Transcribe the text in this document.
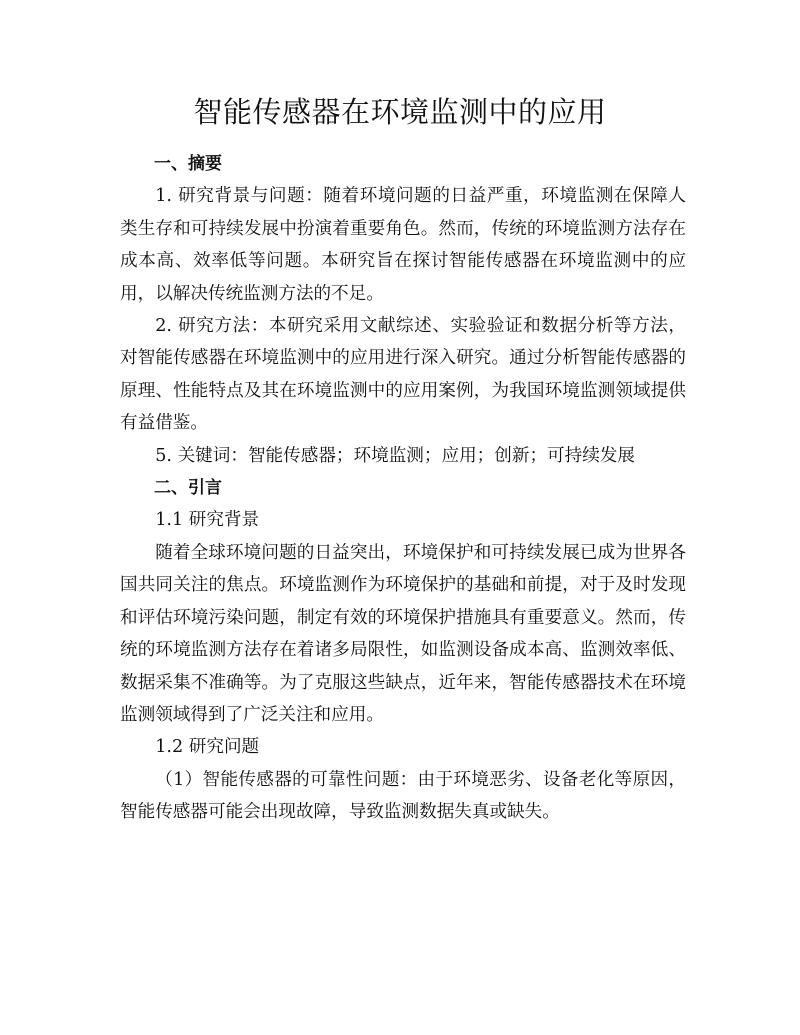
智能传感器在环境监测中的应用
一、摘要

1. 研究背景与问题：随着环境问题的日益严重，环境监测在保障人类生存和可持续发展中扮演着重要角色。然而，传统的环境监测方法存在成本高、效率低等问题。本研究旨在探讨智能传感器在环境监测中的应用，以解决传统监测方法的不足。

2. 研究方法：本研究采用文献综述、实验验证和数据分析等方法，对智能传感器在环境监测中的应用进行深入研究。通过分析智能传感器的原理、性能特点及其在环境监测中的应用案例，为我国环境监测领域提供有益借鉴。

5. 关键词：智能传感器；环境监测；应用；创新；可持续发展

二、引言

1.1 研究背景

随着全球环境问题的日益突出，环境保护和可持续发展已成为世界各国共同关注的焦点。环境监测作为环境保护的基础和前提，对于及时发现和评估环境污染问题，制定有效的环境保护措施具有重要意义。然而，传统的环境监测方法存在着诸多局限性，如监测设备成本高、监测效率低、数据采集不准确等。为了克服这些缺点，近年来，智能传感器技术在环境监测领域得到了广泛关注和应用。

1.2 研究问题

（1）智能传感器的可靠性问题：由于环境恶劣、设备老化等原因，智能传感器可能会出现故障，导致监测数据失真或缺失。
